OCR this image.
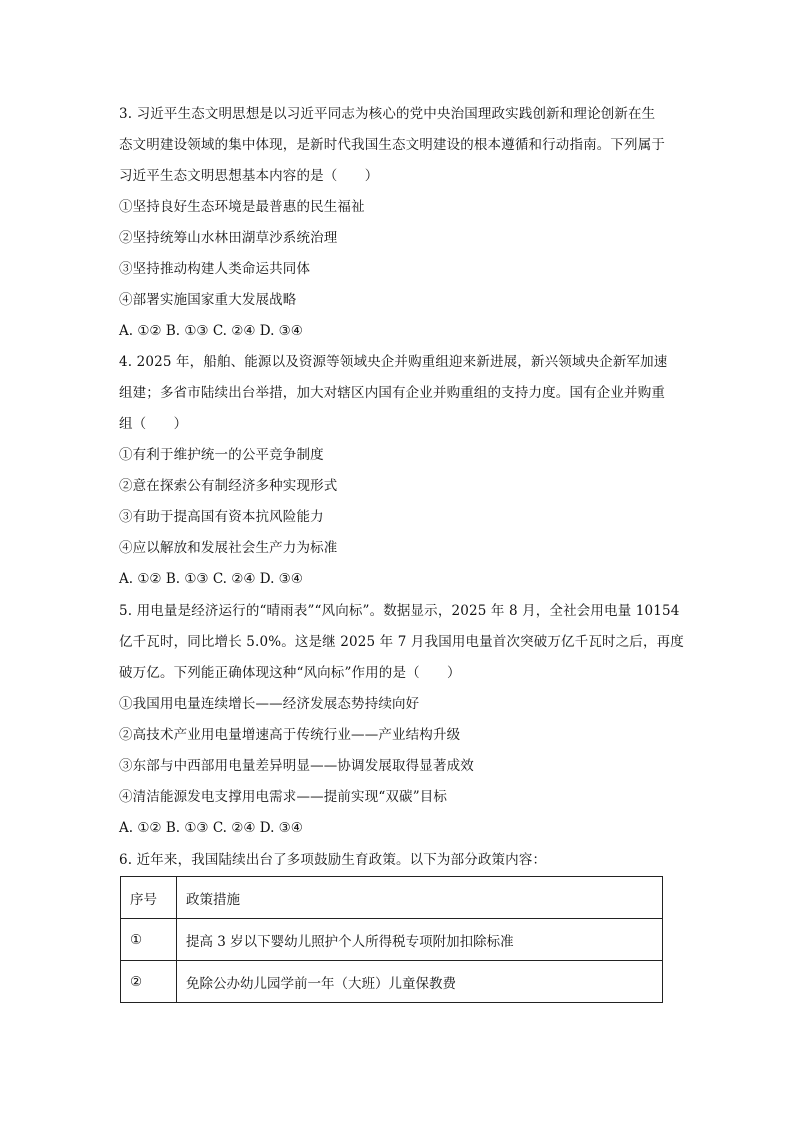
3. 习近平生态文明思想是以习近平同志为核心的党中央治国理政实践创新和理论创新在生
态文明建设领域的集中体现，是新时代我国生态文明建设的根本遵循和行动指南。下列属于
习近平生态文明思想基本内容的是（　　）
①坚持良好生态环境是最普惠的民生福祉
②坚持统筹山水林田湖草沙系统治理
③坚持推动构建人类命运共同体
④部署实施国家重大发展战略
A. ①② B. ①③ C. ②④ D. ③④
4. 2025 年，船舶、能源以及资源等领域央企并购重组迎来新进展，新兴领域央企新军加速
组建；多省市陆续出台举措，加大对辖区内国有企业并购重组的支持力度。国有企业并购重
组（　　）
①有利于维护统一的公平竞争制度
②意在探索公有制经济多种实现形式
③有助于提高国有资本抗风险能力
④应以解放和发展社会生产力为标准
A. ①② B. ①③ C. ②④ D. ③④
5. 用电量是经济运行的“晴雨表”“风向标”。数据显示，2025 年 8 月，全社会用电量 10154
亿千瓦时，同比增长 5.0%。这是继 2025 年 7 月我国用电量首次突破万亿千瓦时之后，再度
破万亿。下列能正确体现这种“风向标”作用的是（　　）
①我国用电量连续增长——经济发展态势持续向好
②高技术产业用电量增速高于传统行业——产业结构升级
③东部与中西部用电量差异明显——协调发展取得显著成效
④清洁能源发电支撑用电需求——提前实现“双碳”目标
A. ①② B. ①③ C. ②④ D. ③④
6. 近年来，我国陆续出台了多项鼓励生育政策。以下为部分政策内容：
序号	政策措施
①	提高 3 岁以下婴幼儿照护个人所得税专项附加扣除标准
②	免除公办幼儿园学前一年（大班）儿童保教费
